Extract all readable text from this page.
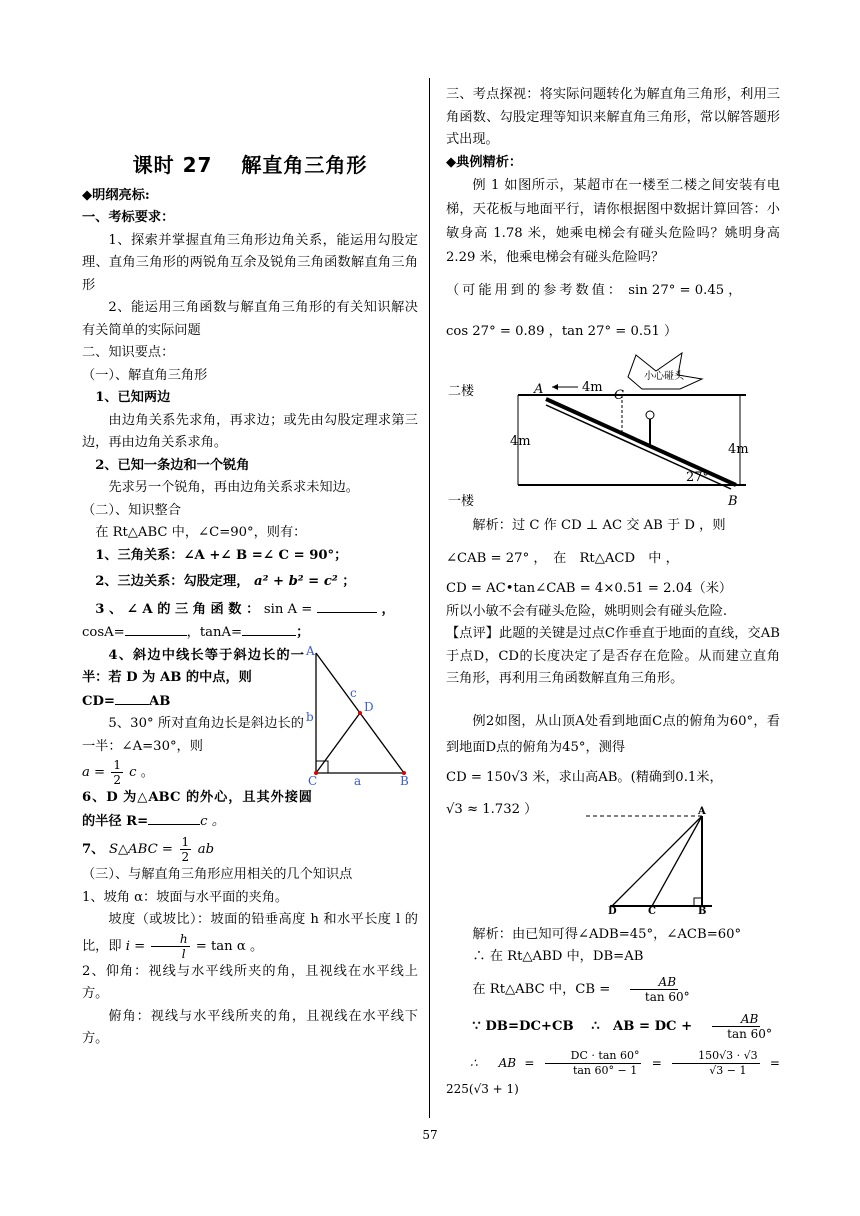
课时 27　 解直角三角形

◆明纲亮标:

一、考标要求：

1、探索并掌握直角三角形边角关系，能运用勾股定理、直角三角形的两锐角互余及锐角三角函数解直角三角形

2、能运用三角函数与解直角三角形的有关知识解决有关简单的实际问题

二、知识要点：

（一）、解直角三角形

1、已知两边

由边角关系先求角，再求边；或先由勾股定理求第三边，再由边角关系求角。

2、已知一条边和一个锐角

先求另一个锐角，再由边角关系求未知边。

（二）、知识整合

在 Rt△ABC 中，∠C=90°，则有：

1、三角关系：∠A +∠ B =∠ C = 90°；

2、三边关系：勾股定理， a² + b² = c² ；

3 、 ∠ A 的 三 角 函 数 ： sin A =	，

cosA=	，tanA=	；

4、斜边中线长等于斜边长的一半：若 D 为 AB 的中点，则

CD=	AB

5、30° 所对直角边长是斜边长的一半：∠A=30°，则

$a = \frac{1}{2}$ c 。

A
C	B
D
c
b
a

6、D 为△ABC 的外心，且其外接圆的半径 R=	c 。

7、 S△ABC = $\frac{1}{2}$ ab

（三）、与解直角三角形应用相关的几个知识点

1、坡角 α：坡面与水平面的夹角。

坡度（或坡比）：坡面的铅垂高度 h 和水平长度 l 的比，即 $i = \frac{h}{l} = \tan \alpha$ 。

2、仰角：视线与水平线所夹的角，且视线在水平线上方。

俯角：视线与水平线所夹的角，且视线在水平线下方。

三、考点探视：将实际问题转化为解直角三角形，利用三角函数、勾股定理等知识来解直角三角形，常以解答题形式出现。

◆典例精析：

例 1 如图所示，某超市在一楼至二楼之间安装有电梯，天花板与地面平行，请你根据图中数据计算回答：小敏身高 1.78 米，她乘电梯会有碰头危险吗？姚明身高 2.29 米，他乘电梯会有碰头危险吗？

（可能用到的参考数值： sin 27° = 0.45 ，

cos 27° = 0.89 ，tan 27° = 0.51 ）

二楼
一楼
A
B
C
4m
4m
4m
27°
小心碰头

解析：过 C 作 CD ⊥ AC 交 AB 于 D ，则

∠CAB = 27° ，　在　Rt△ACD　中 ，

CD = AC•tan∠CAB = 4×0.51 = 2.04（米）

所以小敏不会有碰头危险，姚明则会有碰头危险.

【点评】此题的关键是过点C作垂直于地面的直线，交AB于点D，CD的长度决定了是否存在危险。从而建立直角三角形，再利用三角函数解直角三角形。

例2如图，从山顶A处看到地面C点的俯角为60°，看到地面D点的俯角为45°，测得

CD = 150√3 米，求山高AB。(精确到0.1米，

√3 ≈ 1.732 ）	A
B
C
D

解析：由已知可得∠ADB=45°，∠ACB=60°

∴ 在 Rt△ABD 中，DB=AB

在 Rt△ABC 中，CB = $\frac{AB}{\tan 60^\circ}$

∵ DB=DC+CB　 ∴　AB = DC + $\frac{AB}{\tan 60^\circ}$

∴　AB = $\frac{DC \cdot \tan 60^\circ}{\tan 60^\circ - 1} = \frac{150√3 \cdot √3}{√3 - 1} = 225(√3 + 1)$

57
